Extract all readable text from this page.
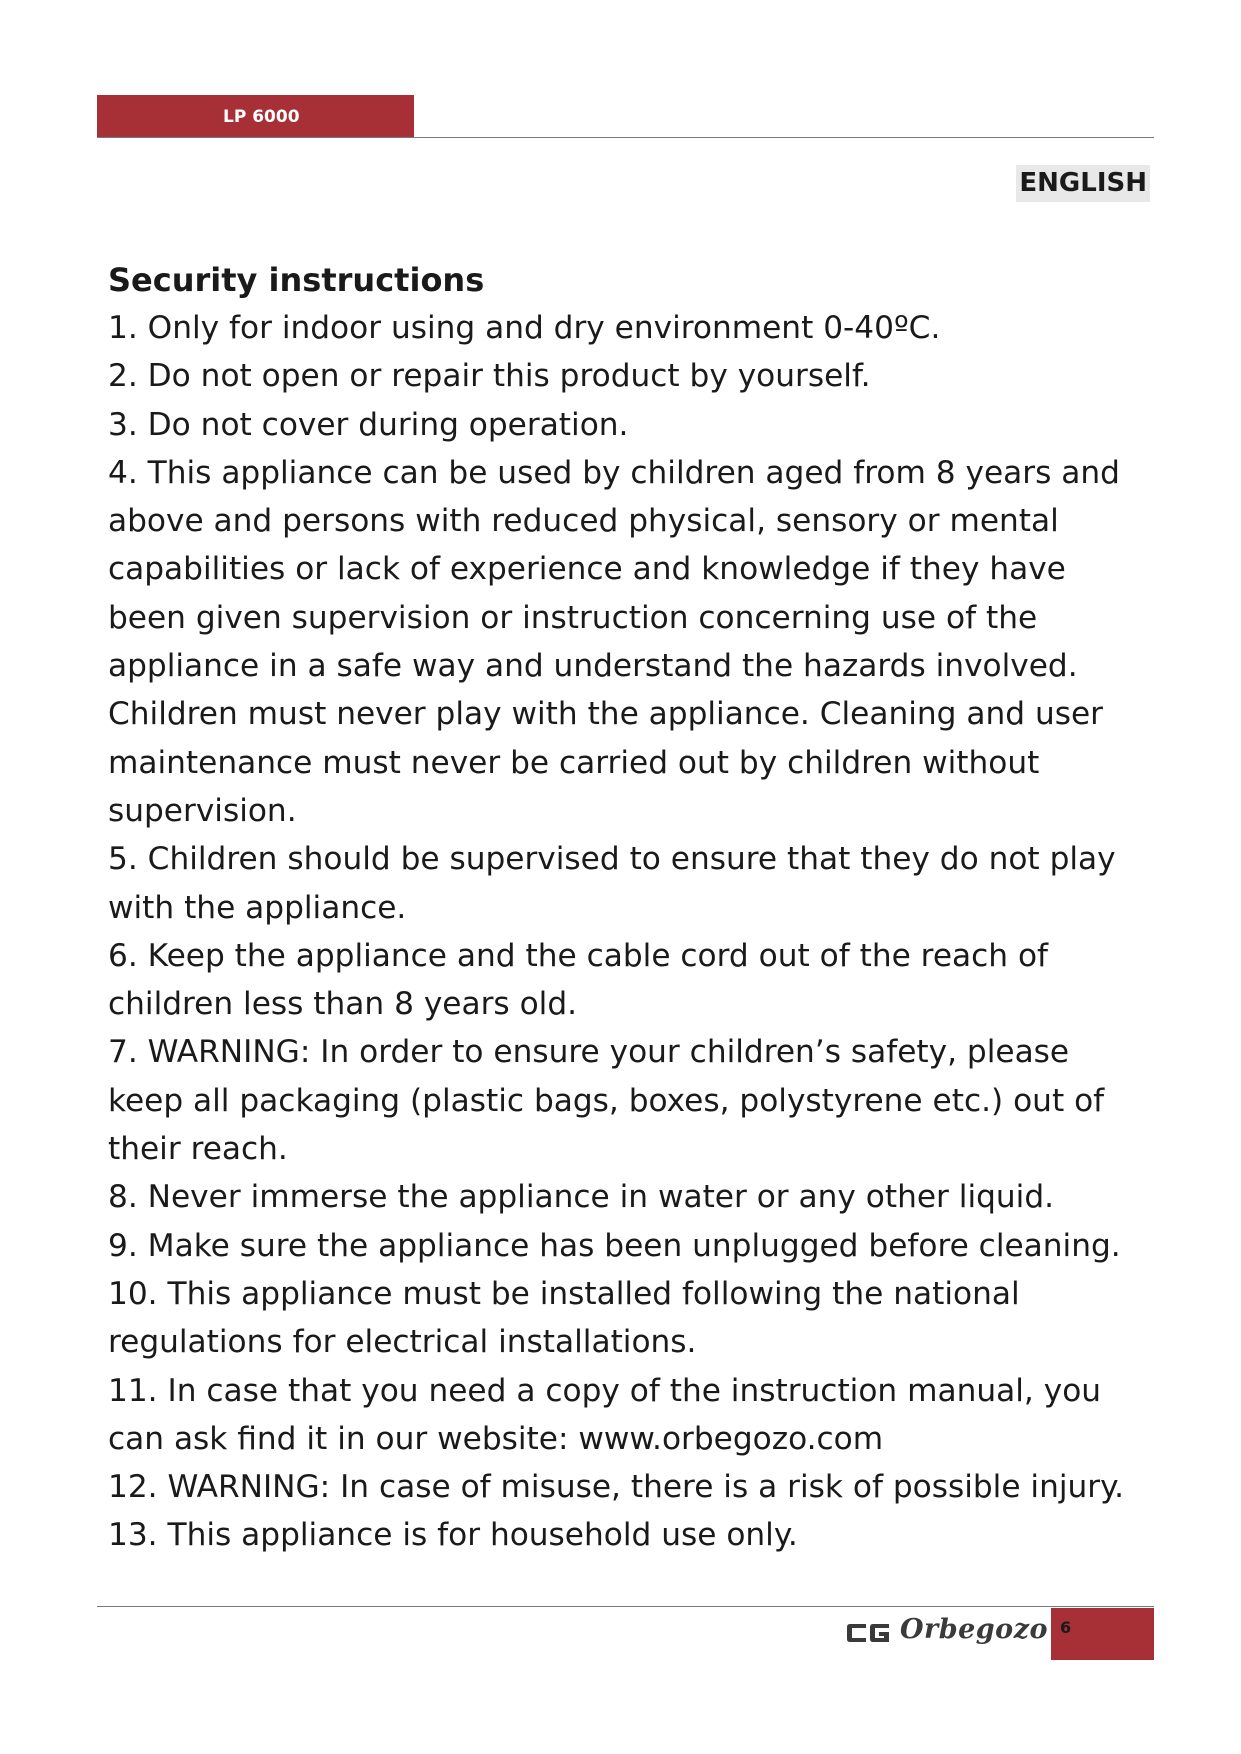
LP 6000
ENGLISH
Security instructions
1. Only for indoor using and dry environment 0-40ºC.
2. Do not open or repair this product by yourself.
3. Do not cover during operation.
4. This appliance can be used by children aged from 8 years and above and persons with reduced physical, sensory or mental capabilities or lack of experience and knowledge if they have been given supervision or instruction concerning use of the appliance in a safe way and understand the hazards involved. Children must never play with the appliance. Cleaning and user maintenance must never be carried out by children without supervision.
5. Children should be supervised to ensure that they do not play with the appliance.
6. Keep the appliance and the cable cord out of the reach of children less than 8 years old.
7. WARNING: In order to ensure your children’s safety, please keep all packaging (plastic bags, boxes, polystyrene etc.) out of their reach.
8. Never immerse the appliance in water or any other liquid.
9. Make sure the appliance has been unplugged before cleaning.
10. This appliance must be installed following the national regulations for electrical installations.
11. In case that you need a copy of the instruction manual, you can ask find it in our website: www.orbegozo.com
12. WARNING: In case of misuse, there is a risk of possible injury.
13. This appliance is for household use only.
Orbegozo 6
